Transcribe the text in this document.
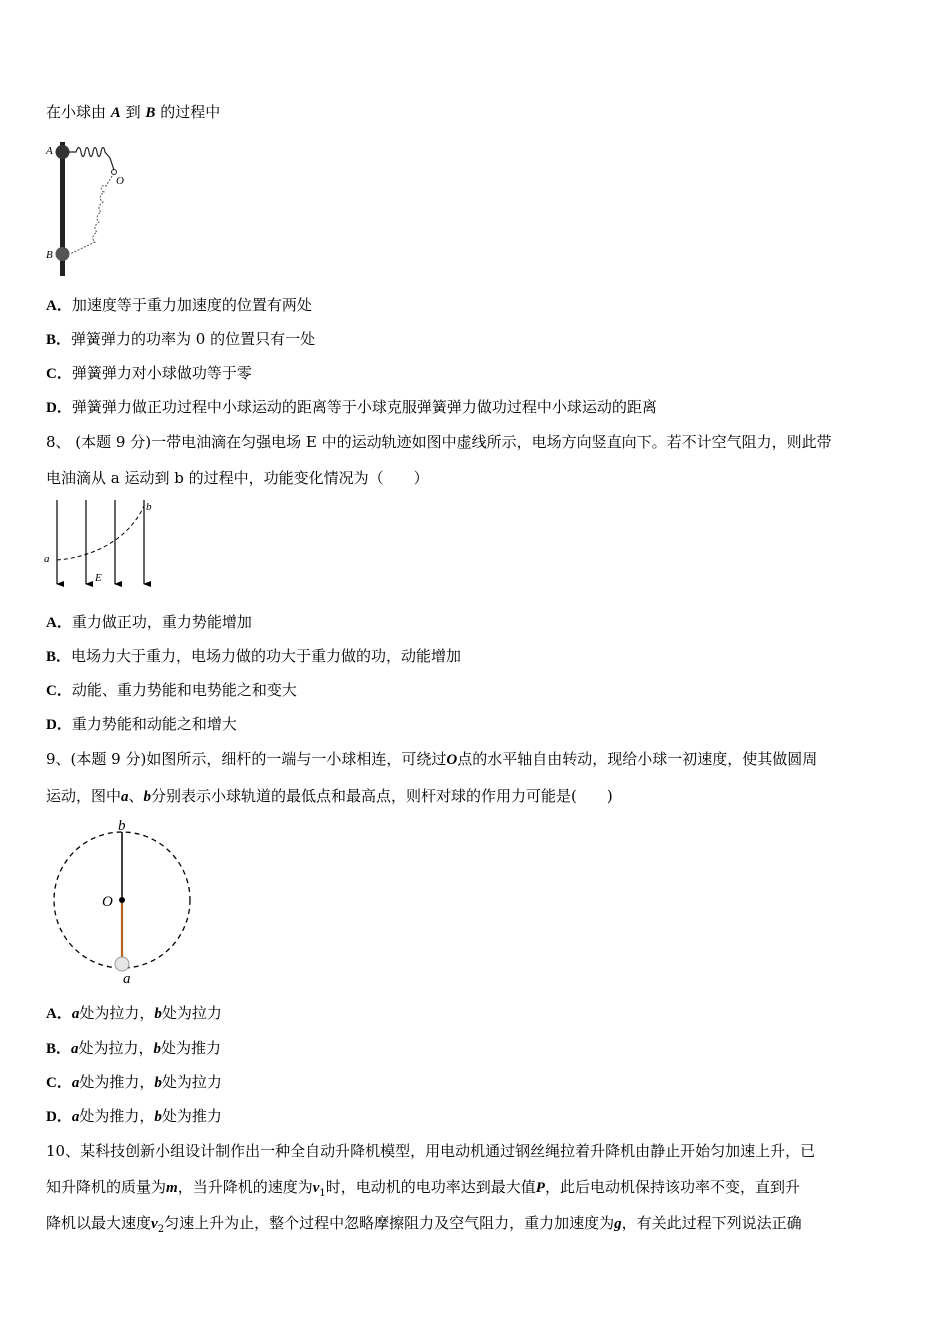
在小球由 A 到 B 的过程中
A
O
B
A．加速度等于重力加速度的位置有两处
B．弹簧弹力的功率为 0 的位置只有一处
C．弹簧弹力对小球做功等于零
D．弹簧弹力做正功过程中小球运动的距离等于小球克服弹簧弹力做功过程中小球运动的距离
8、 (本题 9 分)一带电油滴在匀强电场 E 中的运动轨迹如图中虚线所示，电场方向竖直向下。若不计空气阻力，则此带
电油滴从 a 运动到 b 的过程中，功能变化情况为（　　）
a
b
E
A．重力做正功，重力势能增加
B．电场力大于重力，电场力做的功大于重力做的功，动能增加
C．动能、重力势能和电势能之和变大
D．重力势能和动能之和增大
9、(本题 9 分)如图所示，细杆的一端与一小球相连，可绕过O点的水平轴自由转动，现给小球一初速度，使其做圆周
运动，图中a、b分别表示小球轨道的最低点和最高点，则杆对球的作用力可能是(　　)
b
O
a
A．a处为拉力，b处为拉力
B．a处为拉力，b处为推力
C．a处为推力，b处为拉力
D．a处为推力，b处为推力
10、某科技创新小组设计制作出一种全自动升降机模型，用电动机通过钢丝绳拉着升降机由静止开始匀加速上升，已
知升降机的质量为m，当升降机的速度为$v_1$时，电动机的电功率达到最大值P，此后电动机保持该功率不变，直到升
降机以最大速度$v_2$匀速上升为止，整个过程中忽略摩擦阻力及空气阻力，重力加速度为g，有关此过程下列说法正确
